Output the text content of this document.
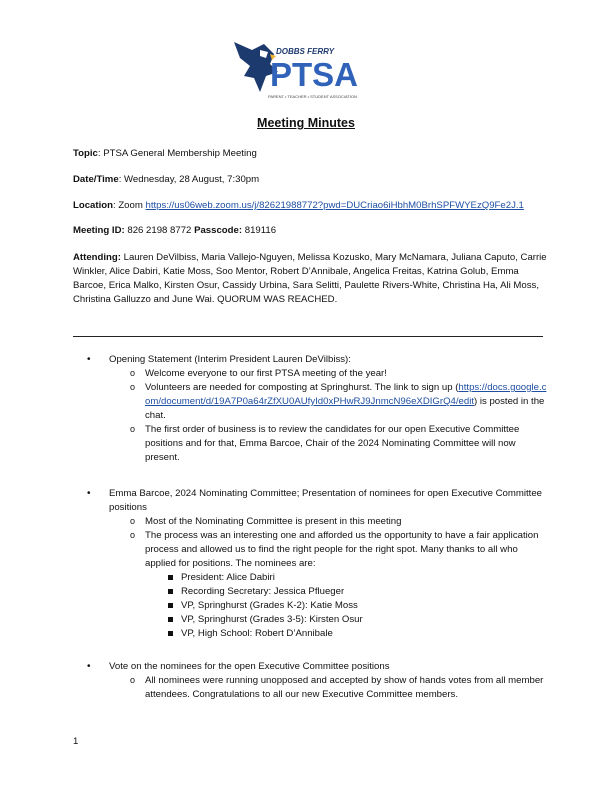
DOBBS FERRY
PTSA
PARENT • TEACHER • STUDENT ASSOCIATION
Meeting Minutes
Topic: PTSA General Membership Meeting
Date/Time: Wednesday, 28 August, 7:30pm
Location: Zoom https://us06web.zoom.us/j/82621988772?pwd=DUCriao6iHbhM0BrhSPFWYEzQ9Fe2J.1
Meeting ID: 826 2198 8772 Passcode: 819116
Attending: Lauren DeVilbiss, Maria Vallejo-Nguyen, Melissa Kozusko, Mary McNamara, Juliana Caputo, Carrie Winkler, Alice Dabiri, Katie Moss, Soo Mentor, Robert D’Annibale, Angelica Freitas, Katrina Golub, Emma Barcoe, Erica Malko, Kirsten Osur, Cassidy Urbina, Sara Selitti, Paulette Rivers-White, Christina Ha, Ali Moss, Christina Galluzzo and June Wai. QUORUM WAS REACHED.
• Opening Statement (Interim President Lauren DeVilbiss):
o Welcome everyone to our first PTSA meeting of the year!
o Volunteers are needed for composting at Springhurst. The link to sign up (https://docs.google.com/document/d/19A7P0a64rZfXU0AUfyId0xPHwRJ9JnmcN96eXDIGrQ4/edit) is posted in the chat.
o The first order of business is to review the candidates for our open Executive Committee positions and for that, Emma Barcoe, Chair of the 2024 Nominating Committee will now present.
• Emma Barcoe, 2024 Nominating Committee; Presentation of nominees for open Executive Committee positions
o Most of the Nominating Committee is present in this meeting
o The process was an interesting one and afforded us the opportunity to have a fair application process and allowed us to find the right people for the right spot. Many thanks to all who applied for positions. The nominees are:
President: Alice Dabiri
Recording Secretary: Jessica Pflueger
VP, Springhurst (Grades K-2): Katie Moss
VP, Springhurst (Grades 3-5): Kirsten Osur
VP, High School: Robert D’Annibale
• Vote on the nominees for the open Executive Committee positions
o All nominees were running unopposed and accepted by show of hands votes from all member attendees. Congratulations to all our new Executive Committee members.
1
